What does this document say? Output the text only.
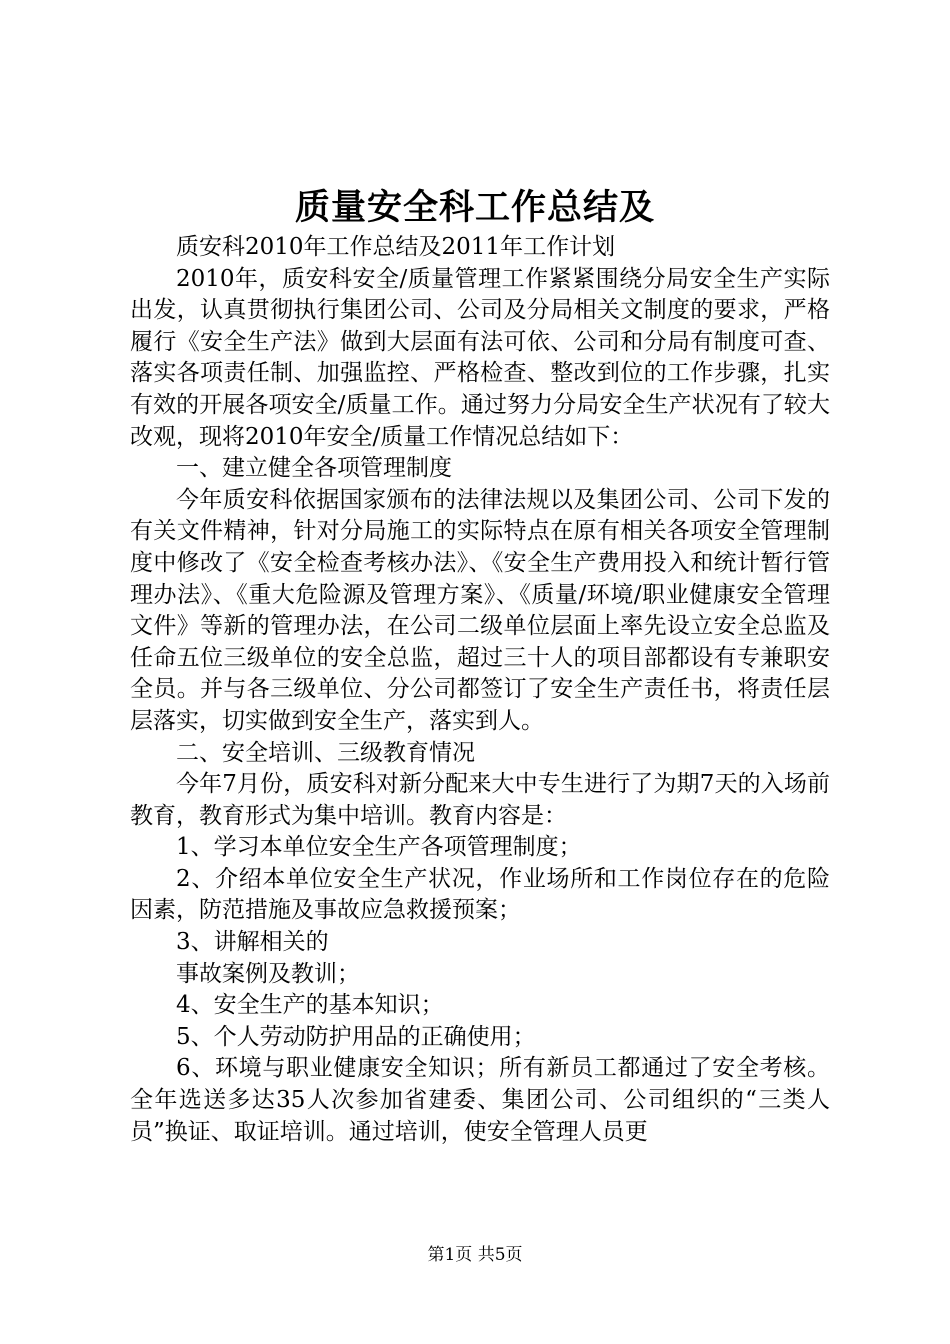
质量安全科工作总结及

质安科2010年工作总结及2011年工作计划

2010年，质安科安全/质量管理工作紧紧围绕分局安全生产实际出发，认真贯彻执行集团公司、公司及分局相关文制度的要求，严格履行《安全生产法》做到大层面有法可依、公司和分局有制度可查、落实各项责任制、加强监控、严格检查、整改到位的工作步骤，扎实有效的开展各项安全/质量工作。通过努力分局安全生产状况有了较大改观，现将2010年安全/质量工作情况总结如下：

一、建立健全各项管理制度

今年质安科依据国家颁布的法律法规以及集团公司、公司下发的有关文件精神，针对分局施工的实际特点在原有相关各项安全管理制度中修改了《安全检查考核办法》、《安全生产费用投入和统计暂行管理办法》、《重大危险源及管理方案》、《质量/环境/职业健康安全管理文件》等新的管理办法，在公司二级单位层面上率先设立安全总监及任命五位三级单位的安全总监，超过三十人的项目部都设有专兼职安全员。并与各三级单位、分公司都签订了安全生产责任书，将责任层层落实，切实做到安全生产，落实到人。

二、安全培训、三级教育情况

今年7月份，质安科对新分配来大中专生进行了为期7天的入场前教育，教育形式为集中培训。教育内容是：

1、学习本单位安全生产各项管理制度；

2、介绍本单位安全生产状况，作业场所和工作岗位存在的危险因素，防范措施及事故应急救援预案；

3、讲解相关的

事故案例及教训；

4、安全生产的基本知识；

5、个人劳动防护用品的正确使用；

6、环境与职业健康安全知识；所有新员工都通过了安全考核。全年选送多达35人次参加省建委、集团公司、公司组织的“三类人员”换证、取证培训。通过培训，使安全管理人员更

第1页 共5页
